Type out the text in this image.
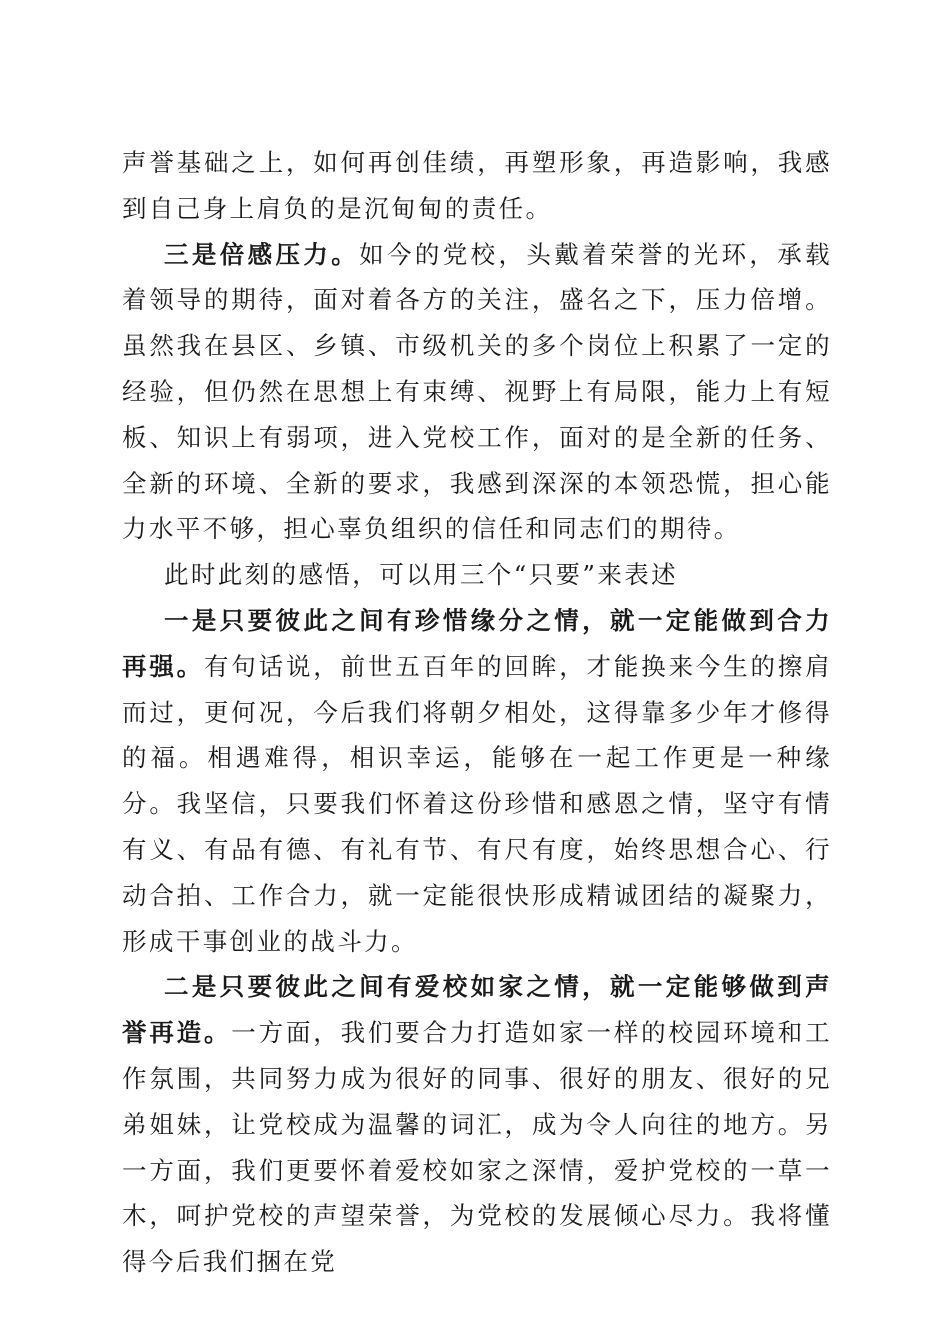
声誉基础之上，如何再创佳绩，再塑形象，再造影响，我感到自己身上肩负的是沉甸甸的责任。

三是倍感压力。如今的党校，头戴着荣誉的光环，承载着领导的期待，面对着各方的关注，盛名之下，压力倍增。虽然我在县区、乡镇、市级机关的多个岗位上积累了一定的经验，但仍然在思想上有束缚、视野上有局限，能力上有短板、知识上有弱项，进入党校工作，面对的是全新的任务、全新的环境、全新的要求，我感到深深的本领恐慌，担心能力水平不够，担心辜负组织的信任和同志们的期待。

此时此刻的感悟，可以用三个“只要”来表述

一是只要彼此之间有珍惜缘分之情，就一定能做到合力再强。有句话说，前世五百年的回眸，才能换来今生的擦肩而过，更何况，今后我们将朝夕相处，这得靠多少年才修得的福。相遇难得，相识幸运，能够在一起工作更是一种缘分。我坚信，只要我们怀着这份珍惜和感恩之情，坚守有情有义、有品有德、有礼有节、有尺有度，始终思想合心、行动合拍、工作合力，就一定能很快形成精诚团结的凝聚力，形成干事创业的战斗力。

二是只要彼此之间有爱校如家之情，就一定能够做到声誉再造。一方面，我们要合力打造如家一样的校园环境和工作氛围，共同努力成为很好的同事、很好的朋友、很好的兄弟姐妹，让党校成为温馨的词汇，成为令人向往的地方。另一方面，我们更要怀着爱校如家之深情，爱护党校的一草一木，呵护党校的声望荣誉，为党校的发展倾心尽力。我将懂得今后我们捆在党
